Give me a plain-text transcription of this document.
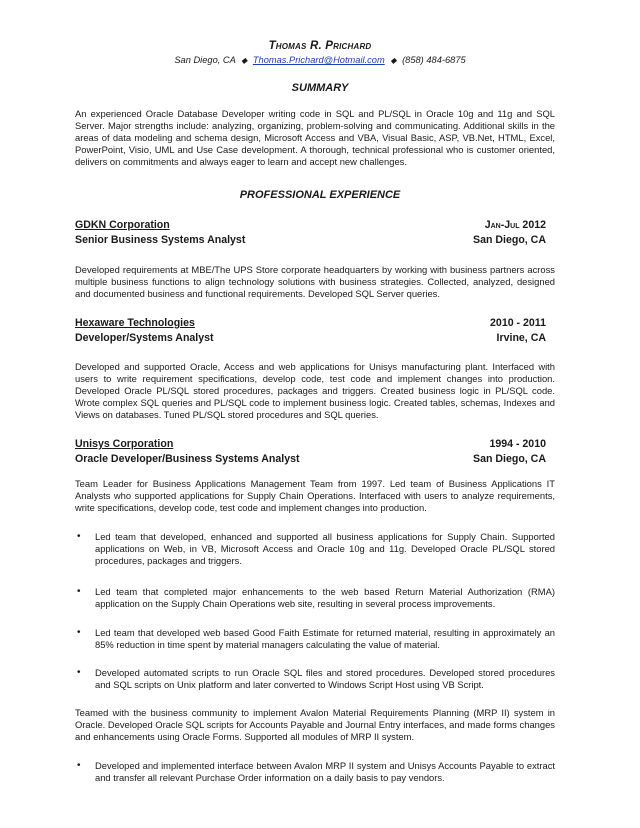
Thomas R. Prichard
San Diego, CA ◆ Thomas.Prichard@Hotmail.com ◆ (858) 484-6875
SUMMARY

An experienced Oracle Database Developer writing code in SQL and PL/SQL in Oracle 10g and 11g and SQL Server. Major strengths include: analyzing, organizing, problem-solving and communicating. Additional skills in the areas of data modeling and schema design, Microsoft Access and VBA, Visual Basic, ASP, VB.Net, HTML, Excel, PowerPoint, Visio, UML and Use Case development. A thorough, technical professional who is customer oriented, delivers on commitments and always eager to learn and accept new challenges.

PROFESSIONAL EXPERIENCE
GDKN Corporation	Jan-Jul 2012
Senior Business Systems Analyst	San Diego, CA

Developed requirements at MBE/The UPS Store corporate headquarters by working with business partners across multiple business functions to align technology solutions with business strategies. Collected, analyzed, designed and documented business and functional requirements. Developed SQL Server queries.

Hexaware Technologies	2010 - 2011
Developer/Systems Analyst	Irvine, CA

Developed and supported Oracle, Access and web applications for Unisys manufacturing plant. Interfaced with users to write requirement specifications, develop code, test code and implement changes into production. Developed Oracle PL/SQL stored procedures, packages and triggers. Created business logic in PL/SQL code. Wrote complex SQL queries and PL/SQL code to implement business logic. Created tables, schemas, Indexes and Views on databases. Tuned PL/SQL stored procedures and SQL queries.

Unisys Corporation	1994 - 2010
Oracle Developer/Business Systems Analyst	San Diego, CA

Team Leader for Business Applications Management Team from 1997. Led team of Business Applications IT Analysts who supported applications for Supply Chain Operations. Interfaced with users to analyze requirements, write specifications, develop code, test code and implement changes into production.

• Led team that developed, enhanced and supported all business applications for Supply Chain. Supported applications on Web, in VB, Microsoft Access and Oracle 10g and 11g. Developed Oracle PL/SQL stored procedures, packages and triggers.
• Led team that completed major enhancements to the web based Return Material Authorization (RMA) application on the Supply Chain Operations web site, resulting in several process improvements.
• Led team that developed web based Good Faith Estimate for returned material, resulting in approximately an 85% reduction in time spent by material managers calculating the value of material.
• Developed automated scripts to run Oracle SQL files and stored procedures. Developed stored procedures and SQL scripts on Unix platform and later converted to Windows Script Host using VB Script.

Teamed with the business community to implement Avalon Material Requirements Planning (MRP II) system in Oracle. Developed Oracle SQL scripts for Accounts Payable and Journal Entry interfaces, and made forms changes and enhancements using Oracle Forms. Supported all modules of MRP II system.

• Developed and implemented interface between Avalon MRP II system and Unisys Accounts Payable to extract and transfer all relevant Purchase Order information on a daily basis to pay vendors.
